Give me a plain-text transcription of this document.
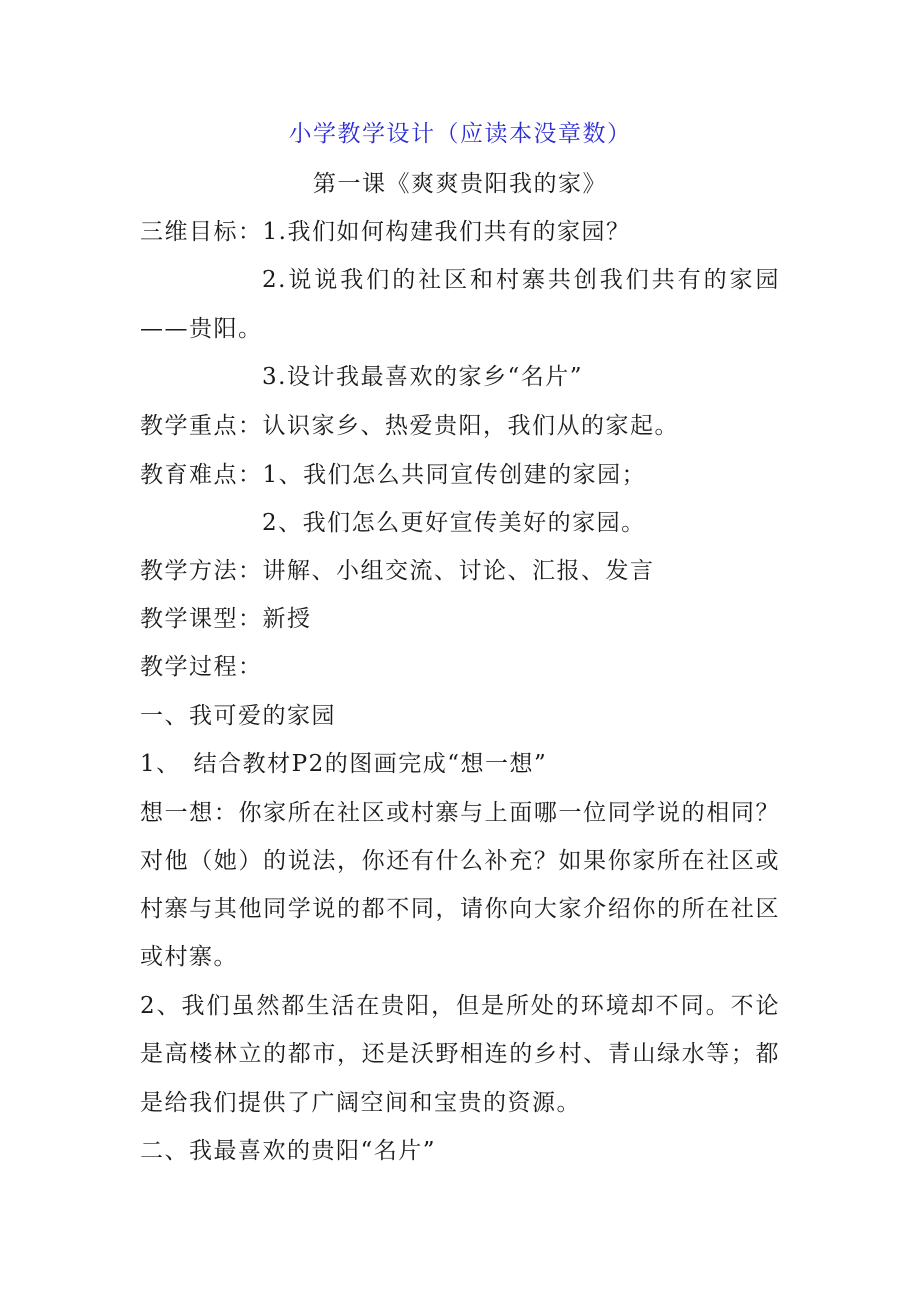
小学教学设计（应读本没章数）
第一课《爽爽贵阳我的家》
三维目标：1.我们如何构建我们共有的家园？
2.说说我们的社区和村寨共创我们共有的家园
——贵阳。
3.设计我最喜欢的家乡“名片”
教学重点：认识家乡、热爱贵阳，我们从的家起。
教育难点：1、我们怎么共同宣传创建的家园；
2、我们怎么更好宣传美好的家园。
教学方法：讲解、小组交流、讨论、汇报、发言
教学课型：新授
教学过程：
一、我可爱的家园
1、　结合教材P2的图画完成“想一想”
想一想：你家所在社区或村寨与上面哪一位同学说的相同？
对他（她）的说法，你还有什么补充？如果你家所在社区或
村寨与其他同学说的都不同，请你向大家介绍你的所在社区
或村寨。
2、我们虽然都生活在贵阳，但是所处的环境却不同。不论
是高楼林立的都市，还是沃野相连的乡村、青山绿水等；都
是给我们提供了广阔空间和宝贵的资源。
二、我最喜欢的贵阳“名片”
